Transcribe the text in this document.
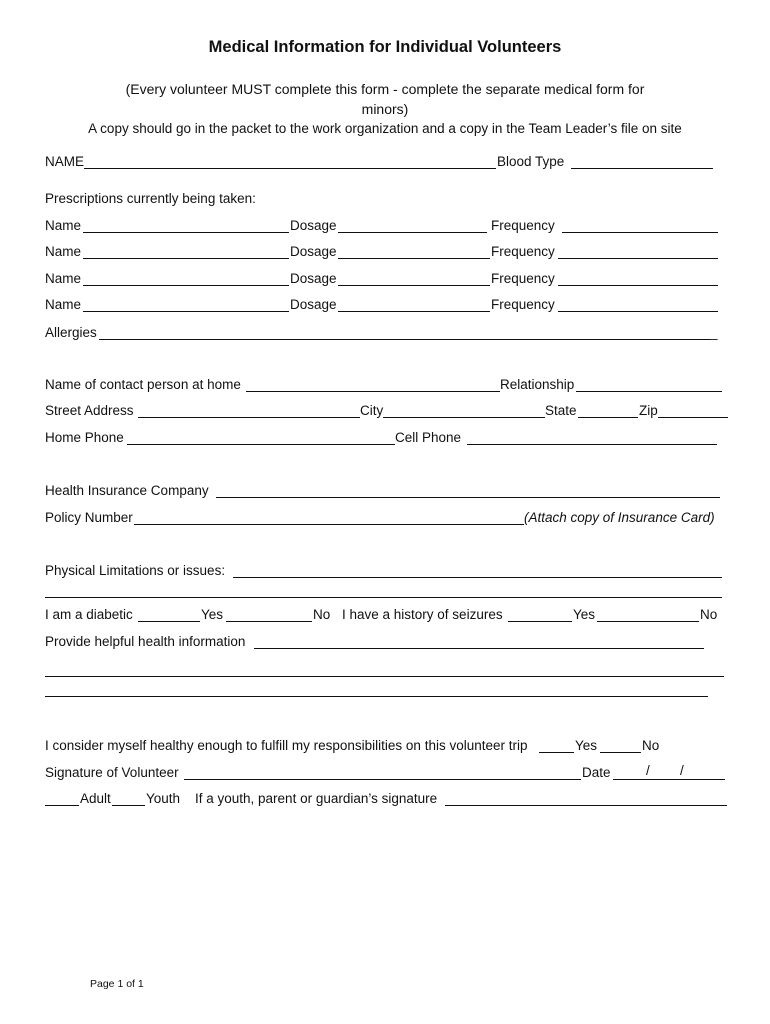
Medical Information for Individual Volunteers
(Every volunteer MUST complete this form - complete the separate medical form for
minors)
A copy should go in the packet to the work organization and a copy in the Team Leader’s file on site
NAME	Blood Type
Prescriptions currently being taken:
Name	Dosage	Frequency
Name	Dosage	Frequency
Name	Dosage	Frequency
Name	Dosage	Frequency
Allergies	_
Name of contact person at home	Relationship
Street Address	City	State	Zip
Home Phone	Cell Phone
Health Insurance Company
Policy Number	(Attach copy of Insurance Card)
Physical Limitations or issues:
I am a diabetic	Yes	No I have a history of seizures	Yes	No
Provide helpful health information
I consider myself healthy enough to fulfill my responsibilities on this volunteer trip	Yes	No
Signature of Volunteer	Date	/ /
Adult	Youth If a youth, parent or guardian’s signature
Page 1 of 1
